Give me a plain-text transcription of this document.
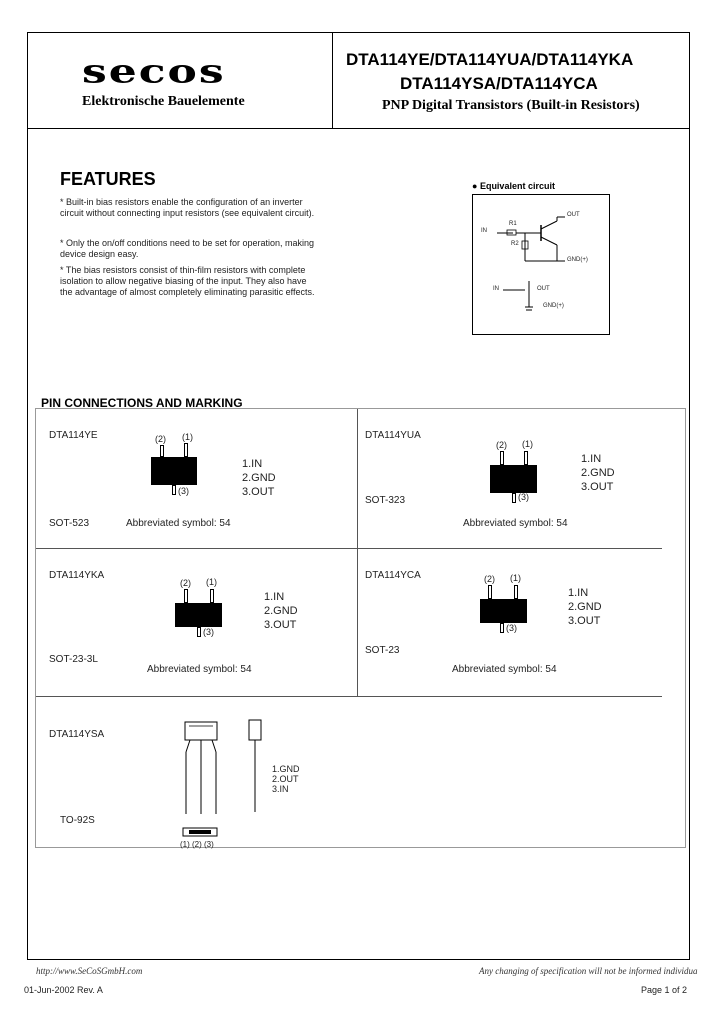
secos
Elektronische Bauelemente
DTA114YE/DTA114YUA/DTA114YKA
DTA114YSA/DTA114YCA
PNP Digital Transistors (Built-in Resistors)
FEATURES
* Built-in bias resistors enable the configuration of an inverter circuit without connecting input resistors (see equivalent circuit).
* Only the on/off conditions need to be set for operation, making device design easy.
* The bias resistors consist of thin-film resistors with complete isolation to allow negative biasing of the input. They also have the advantage of almost completely eliminating parasitic effects.
● Equivalent circuit
IN
R1
R2
OUT
GND(+)
IN	OUT
GND(+)
PIN CONNECTIONS AND MARKING
DTA114YE	(2) (1)
(3)
1.IN
2.GND
3.OUT
SOT-523	Abbreviated symbol: 54
DTA114YUA
(2) (1)
(3)
1.IN
2.GND
3.OUT
SOT-323
Abbreviated symbol: 54
DTA114YKA
(2) (1)
(3)
1.IN
2.GND
3.OUT
SOT-23-3L
Abbreviated symbol: 54
DTA114YCA	(2) (1)
(3)
1.IN
2.GND
3.OUT
SOT-23
Abbreviated symbol: 54
DTA114YSA
1.GND
2.OUT
3.IN
TO-92S
(1) (2) (3)
http://www.SeCoSGmbH.com	Any changing of specification will not be informed individua
01-Jun-2002 Rev. A	Page 1 of 2
